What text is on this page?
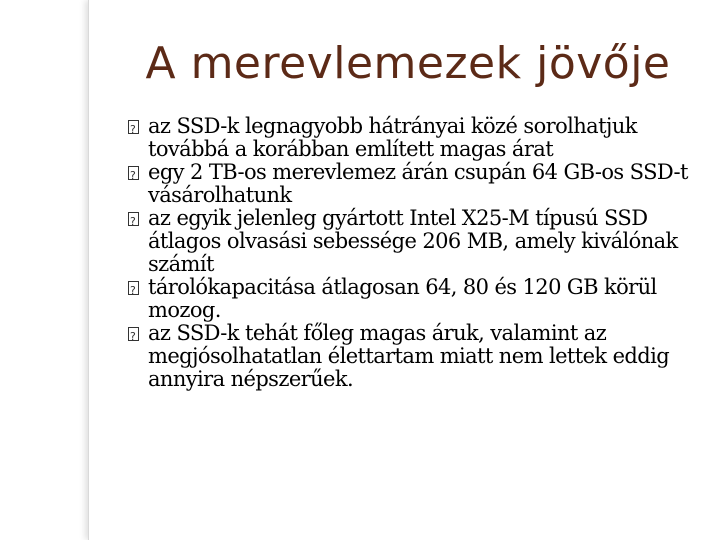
A merevlemezek jövője

?
az SSD-k legnagyobb hátrányai közé sorolhatjuk továbbá a korábban említett magas árat

?
egy 2 TB-os merevlemez árán csupán 64 GB-os SSD-t vásárolhatunk

?
az egyik jelenleg gyártott Intel X25-M típusú SSD átlagos olvasási sebessége 206 MB, amely kiválónak számít

?
tárolókapacitása átlagosan 64, 80 és 120 GB körül mozog.

?
az SSD-k tehát főleg magas áruk, valamint az megjósolhatatlan élettartam miatt nem lettek eddig annyira népszerűek.
